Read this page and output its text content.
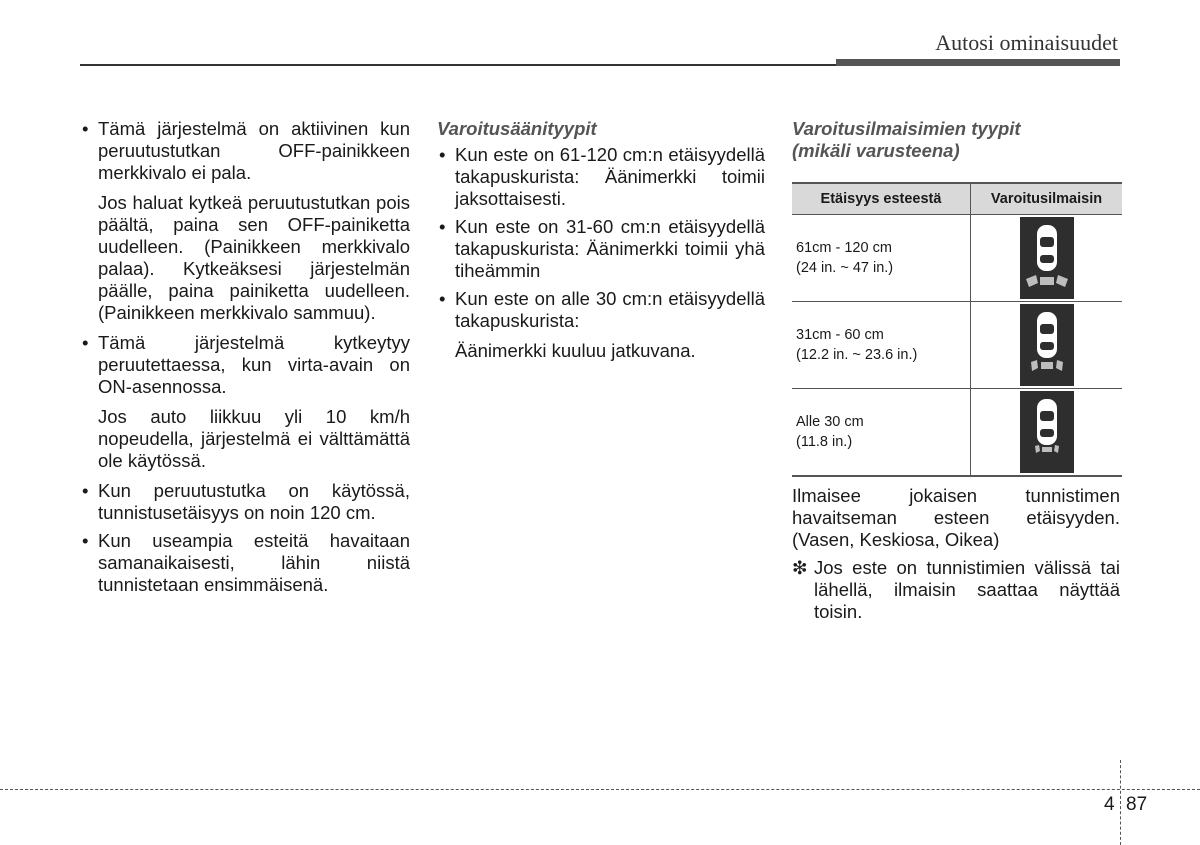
Autosi ominaisuudet
• Tämä järjestelmä on aktiivinen kun peruutustutkan OFF-painikkeen merkkivalo ei pala.
Jos haluat kytkeä peruutustutkan pois päältä, paina sen OFF-painiketta uudelleen. (Painikkeen merkkivalo palaa). Kytkeäksesi järjestelmän päälle, paina painiketta uudelleen. (Painikkeen merkkivalo sammuu).
• Tämä järjestelmä kytkeytyy peruutettaessa, kun virta-avain on ON-asennossa.
Jos auto liikkuu yli 10 km/h nopeudella, järjestelmä ei välttämättä ole käytössä.
• Kun peruutustutka on käytössä, tunnistusetäisyys on noin 120 cm.
• Kun useampia esteitä havaitaan samanaikaisesti, lähin niistä tunnistetaan ensimmäisenä.
Varoitusäänityypit
• Kun este on 61-120 cm:n etäisyydellä takapuskurista: Äänimerkki toimii jaksottaisesti.
• Kun este on 31-60 cm:n etäisyydellä takapuskurista: Äänimerkki toimii yhä tiheämmin
• Kun este on alle 30 cm:n etäisyydellä takapuskurista:
Äänimerkki kuuluu jatkuvana.
Varoitusilmaisimien tyypit
(mikäli varusteena)
Etäisyys esteestä	Varoitusilmaisin
61cm - 120 cm
(24 in. ~ 47 in.)	

31cm - 60 cm
(12.2 in. ~ 23.6 in.)	

Alle 30 cm
(11.8 in.)	
Ilmaisee jokaisen tunnistimen havaitseman esteen etäisyyden. (Vasen, Keskiosa, Oikea)
❇ Jos este on tunnistimien välissä tai lähellä, ilmaisin saattaa näyttää toisin.
4 87
